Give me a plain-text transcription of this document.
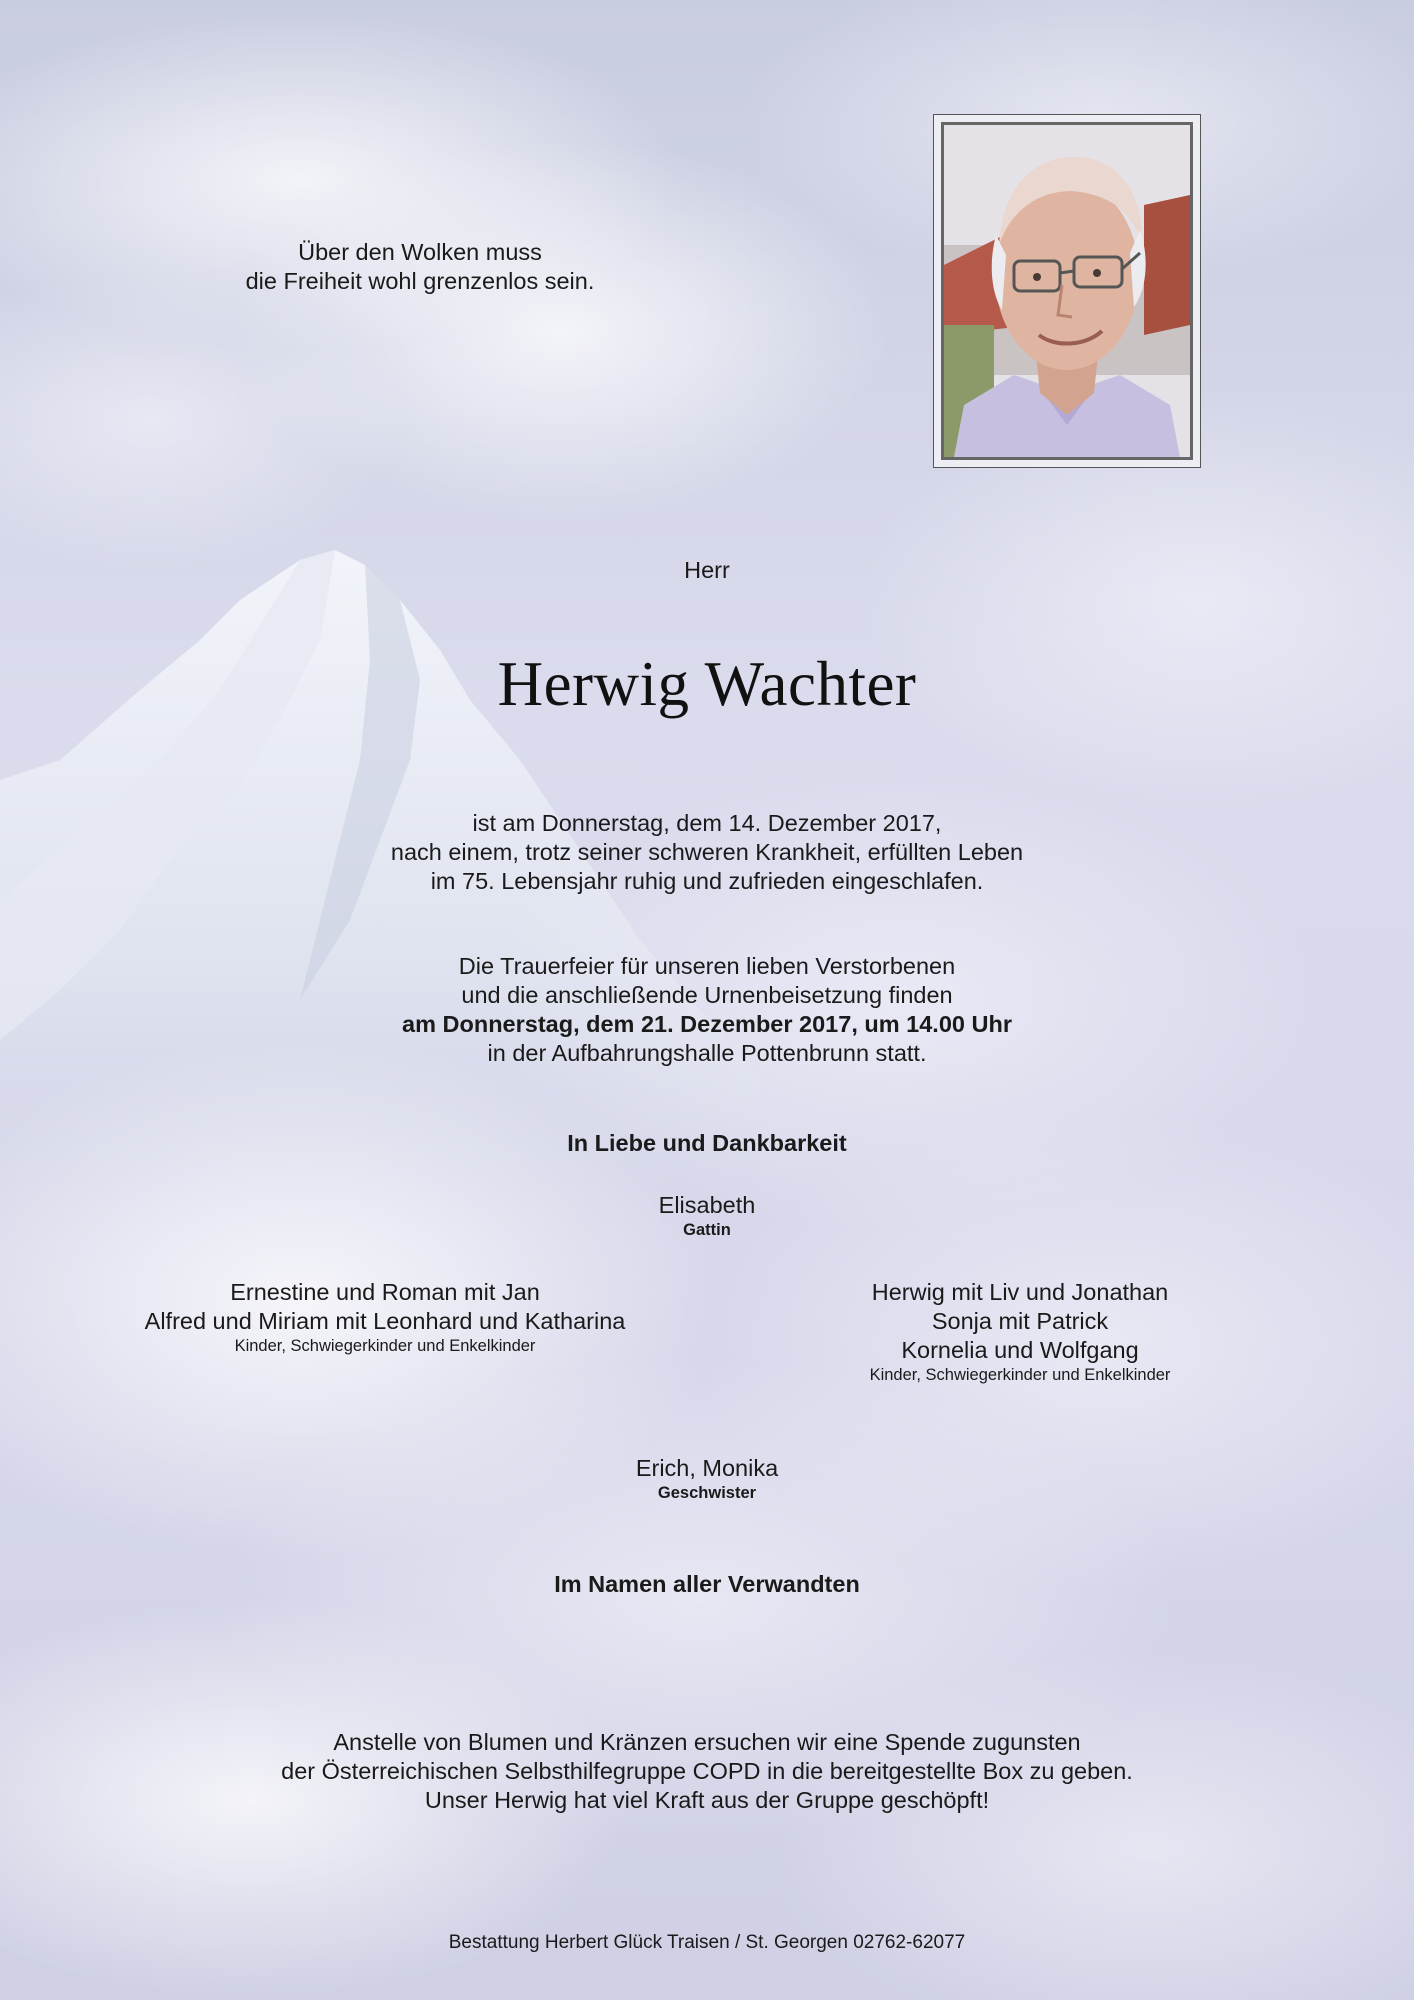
Über den Wolken muss
die Freiheit wohl grenzenlos sein.
Herr
Herwig Wachter
ist am Donnerstag, dem 14. Dezember 2017,
nach einem, trotz seiner schweren Krankheit, erfüllten Leben
im 75. Lebensjahr ruhig und zufrieden eingeschlafen.
Die Trauerfeier für unseren lieben Verstorbenen
und die anschließende Urnenbeisetzung finden
am Donnerstag, dem 21. Dezember 2017, um 14.00 Uhr
in der Aufbahrungshalle Pottenbrunn statt.
In Liebe und Dankbarkeit
Elisabeth
Gattin
Ernestine und Roman mit Jan
Alfred und Miriam mit Leonhard und Katharina
Kinder, Schwiegerkinder und Enkelkinder
Herwig mit Liv und Jonathan
Sonja mit Patrick
Kornelia und Wolfgang
Kinder, Schwiegerkinder und Enkelkinder
Erich, Monika
Geschwister
Im Namen aller Verwandten
Anstelle von Blumen und Kränzen ersuchen wir eine Spende zugunsten
der Österreichischen Selbsthilfegruppe COPD in die bereitgestellte Box zu geben.
Unser Herwig hat viel Kraft aus der Gruppe geschöpft!
Bestattung Herbert Glück Traisen / St. Georgen 02762-62077
